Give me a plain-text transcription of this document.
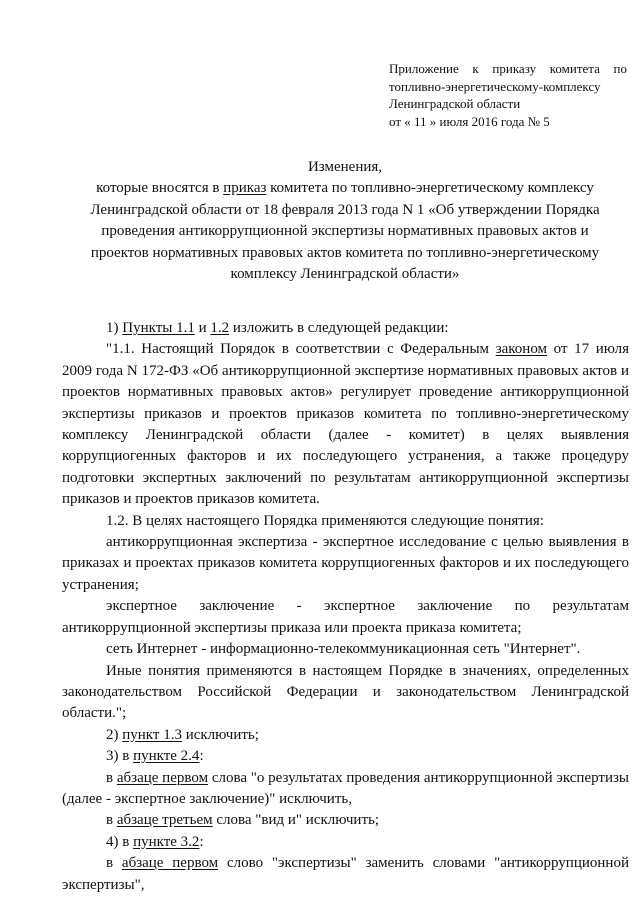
Приложение к приказу комитета по
топливно-энергетическому-комплексу
Ленинградской области
от « 11 » июля 2016 года № 5
Изменения,
которые вносятся в приказ комитета по топливно-энергетическому комплексу
Ленинградской области от 18 февраля 2013 года N 1 «Об утверждении Порядка
проведения антикоррупционной экспертизы нормативных правовых актов и
проектов нормативных правовых актов комитета по топливно-энергетическому
комплексу Ленинградской области»

1) Пункты 1.1 и 1.2 изложить в следующей редакции:

"1.1. Настоящий Порядок в соответствии с Федеральным законом от 17 июля 2009 года N 172-ФЗ «Об антикоррупционной экспертизе нормативных правовых актов и проектов нормативных правовых актов» регулирует проведение антикоррупционной экспертизы приказов и проектов приказов комитета по топливно-энергетическому комплексу Ленинградской области (далее - комитет) в целях выявления коррупциогенных факторов и их последующего устранения, а также процедуру подготовки экспертных заключений по результатам антикоррупционной экспертизы приказов и проектов приказов комитета.

1.2. В целях настоящего Порядка применяются следующие понятия:

антикоррупционная экспертиза - экспертное исследование с целью выявления в приказах и проектах приказов комитета коррупциогенных факторов и их последующего устранения;

экспертное заключение - экспертное заключение по результатам антикоррупционной экспертизы приказа или проекта приказа комитета;

сеть Интернет - информационно-телекоммуникационная сеть "Интернет".

Иные понятия применяются в настоящем Порядке в значениях, определенных законодательством Российской Федерации и законодательством Ленинградской области.";

2) пункт 1.3 исключить;

3) в пункте 2.4:

в абзаце первом слова "о результатах проведения антикоррупционной экспертизы (далее - экспертное заключение)" исключить,

в абзаце третьем слова "вид и" исключить;

4) в пункте 3.2:

в абзаце первом слово "экспертизы" заменить словами "антикоррупционной экспертизы",
